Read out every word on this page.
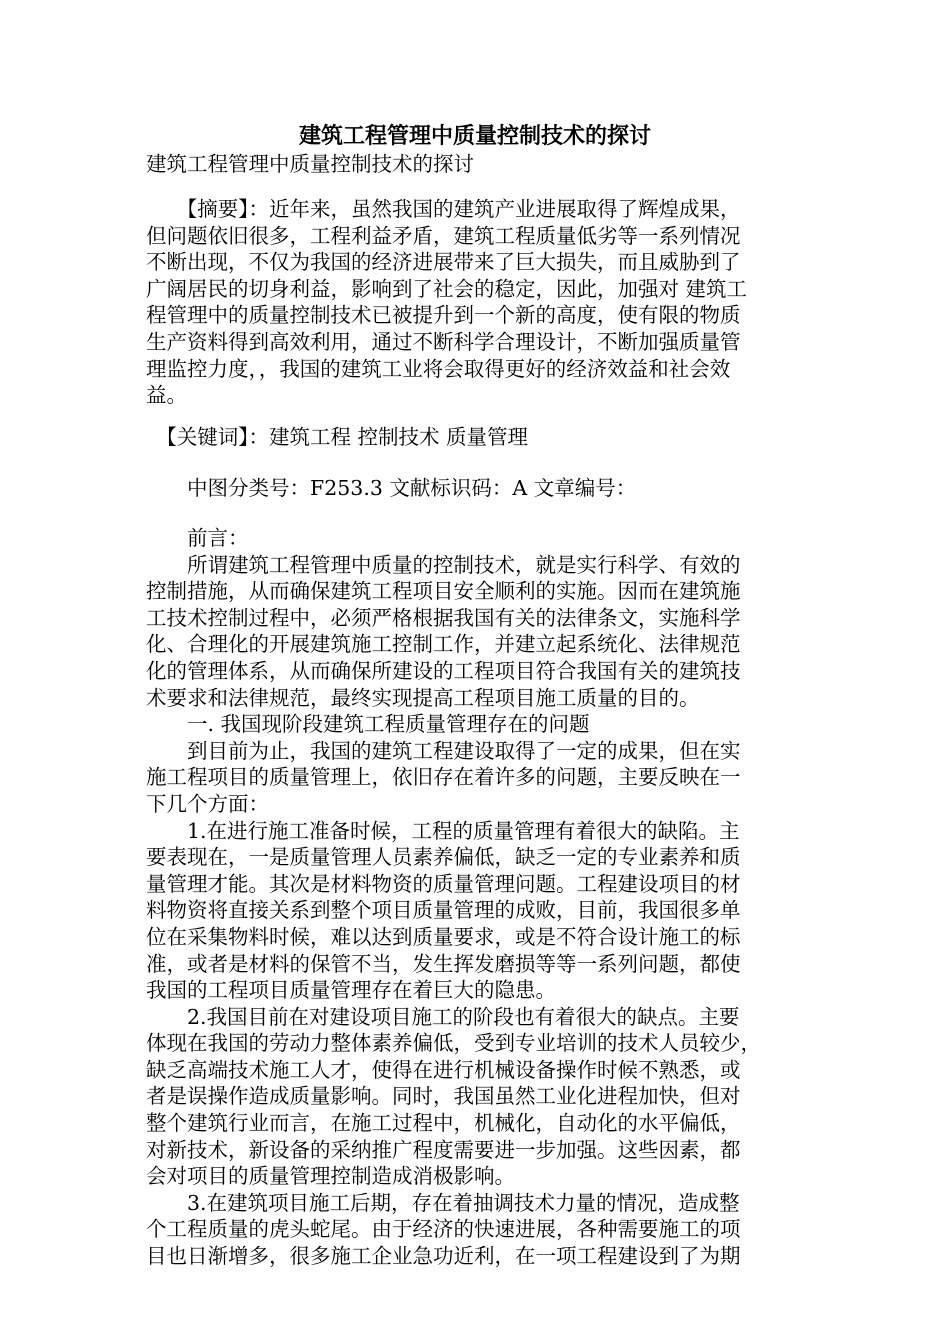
建筑工程管理中质量控制技术的探讨
建筑工程管理中质量控制技术的探讨
　　【摘要】：近年来，虽然我国的建筑产业进展取得了辉煌成果，
但问题依旧很多，工程利益矛盾，建筑工程质量低劣等一系列情况
不断出现，不仅为我国的经济进展带来了巨大损失，而且威胁到了
广阔居民的切身利益，影响到了社会的稳定，因此，加强对 建筑工
程管理中的质量控制技术已被提升到一个新的高度，使有限的物质
生产资料得到高效利用，通过不断科学合理设计，不断加强质量管
理监控力度，，我国的建筑工业将会取得更好的经济效益和社会效
益。
　【关键词】：建筑工程 控制技术 质量管理
　　中图分类号：F253.3 文献标识码：A 文章编号：
　　前言：
　　所谓建筑工程管理中质量的控制技术，就是实行科学、有效的
控制措施，从而确保建筑工程项目安全顺利的实施。因而在建筑施
工技术控制过程中，必须严格根据我国有关的法律条文，实施科学
化、合理化的开展建筑施工控制工作，并建立起系统化、法律规范
化的管理体系，从而确保所建设的工程项目符合我国有关的建筑技
术要求和法律规范，最终实现提高工程项目施工质量的目的。
　　一. 我国现阶段建筑工程质量管理存在的问题
　　到目前为止，我国的建筑工程建设取得了一定的成果，但在实
施工程项目的质量管理上，依旧存在着许多的问题，主要反映在一
下几个方面：
　　1.在进行施工准备时候，工程的质量管理有着很大的缺陷。主
要表现在，一是质量管理人员素养偏低，缺乏一定的专业素养和质
量管理才能。其次是材料物资的质量管理问题。工程建设项目的材
料物资将直接关系到整个项目质量管理的成败，目前，我国很多单
位在采集物料时候，难以达到质量要求，或是不符合设计施工的标
准，或者是材料的保管不当，发生挥发磨损等等一系列问题，都使
我国的工程项目质量管理存在着巨大的隐患。
　　2.我国目前在对建设项目施工的阶段也有着很大的缺点。主要
体现在我国的劳动力整体素养偏低，受到专业培训的技术人员较少，
缺乏高端技术施工人才，使得在进行机械设备操作时候不熟悉，或
者是误操作造成质量影响。同时，我国虽然工业化进程加快，但对
整个建筑行业而言，在施工过程中，机械化，自动化的水平偏低，
对新技术，新设备的采纳推广程度需要进一步加强。这些因素，都
会对项目的质量管理控制造成消极影响。
　　3.在建筑项目施工后期，存在着抽调技术力量的情况，造成整
个工程质量的虎头蛇尾。由于经济的快速进展，各种需要施工的项
目也日渐增多，很多施工企业急功近利，在一项工程建设到了为期
